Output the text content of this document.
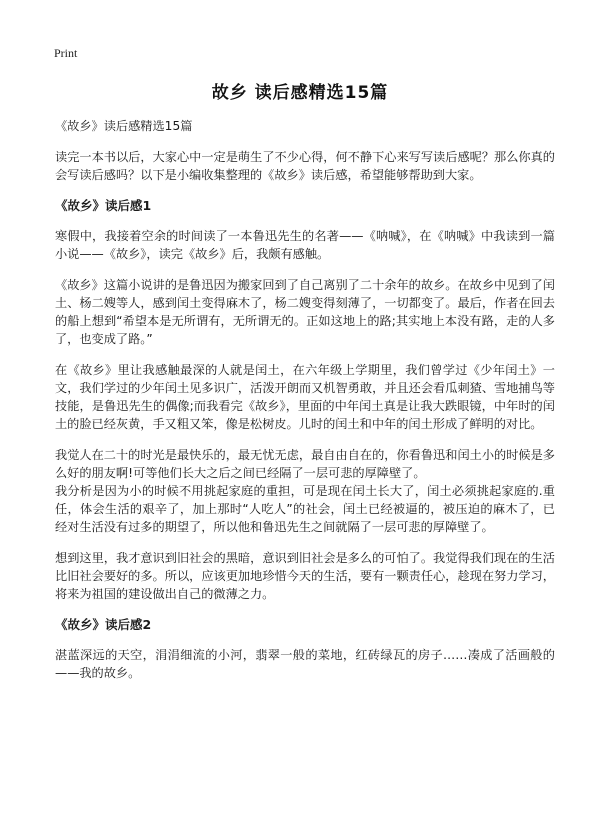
Print
故乡 读后感精选15篇
《故乡》读后感精选15篇
读完一本书以后，大家心中一定是萌生了不少心得，何不静下心来写写读后感呢？那么你真的会写读后感吗？以下是小编收集整理的《故乡》读后感，希望能够帮助到大家。
《故乡》读后感1
寒假中，我接着空余的时间读了一本鲁迅先生的名著——《呐喊》，在《呐喊》中我读到一篇小说——《故乡》，读完《故乡》后，我颇有感触。
《故乡》这篇小说讲的是鲁迅因为搬家回到了自己离别了二十余年的故乡。在故乡中见到了闰土、杨二嫂等人，感到闰土变得麻木了，杨二嫂变得刻薄了，一切都变了。最后，作者在回去的船上想到“希望本是无所谓有，无所谓无的。正如这地上的路;其实地上本没有路，走的人多了，也变成了路。”
在《故乡》里让我感触最深的人就是闰土，在六年级上学期里，我们曾学过《少年闰土》一文，我们学过的少年闰土见多识广，活泼开朗而又机智勇敢，并且还会看瓜刺猹、雪地捕鸟等技能，是鲁迅先生的偶像;而我看完《故乡》，里面的中年闰土真是让我大跌眼镜，中年时的闰土的脸已经灰黄，手又粗又笨，像是松树皮。儿时的闰土和中年的闰土形成了鲜明的对比。
我觉人在二十的时光是最快乐的，最无忧无虑，最自由自在的，你看鲁迅和闰土小的时候是多么好的朋友啊!可等他们长大之后之间已经隔了一层可悲的厚障壁了。
我分析是因为小的时候不用挑起家庭的重担，可是现在闰土长大了，闰土必须挑起家庭的.重任，体会生活的艰辛了，加上那时“人吃人”的社会，闰土已经被逼的，被压迫的麻木了，已经对生活没有过多的期望了，所以他和鲁迅先生之间就隔了一层可悲的厚障壁了。
想到这里，我才意识到旧社会的黑暗，意识到旧社会是多么的可怕了。我觉得我们现在的生活比旧社会要好的多。所以，应该更加地珍惜今天的生活，要有一颗责任心，趁现在努力学习，将来为祖国的建设做出自己的微薄之力。
《故乡》读后感2
湛蓝深远的天空，涓涓细流的小河，翡翠一般的菜地，红砖绿瓦的房子……凑成了活画般的——我的故乡。
